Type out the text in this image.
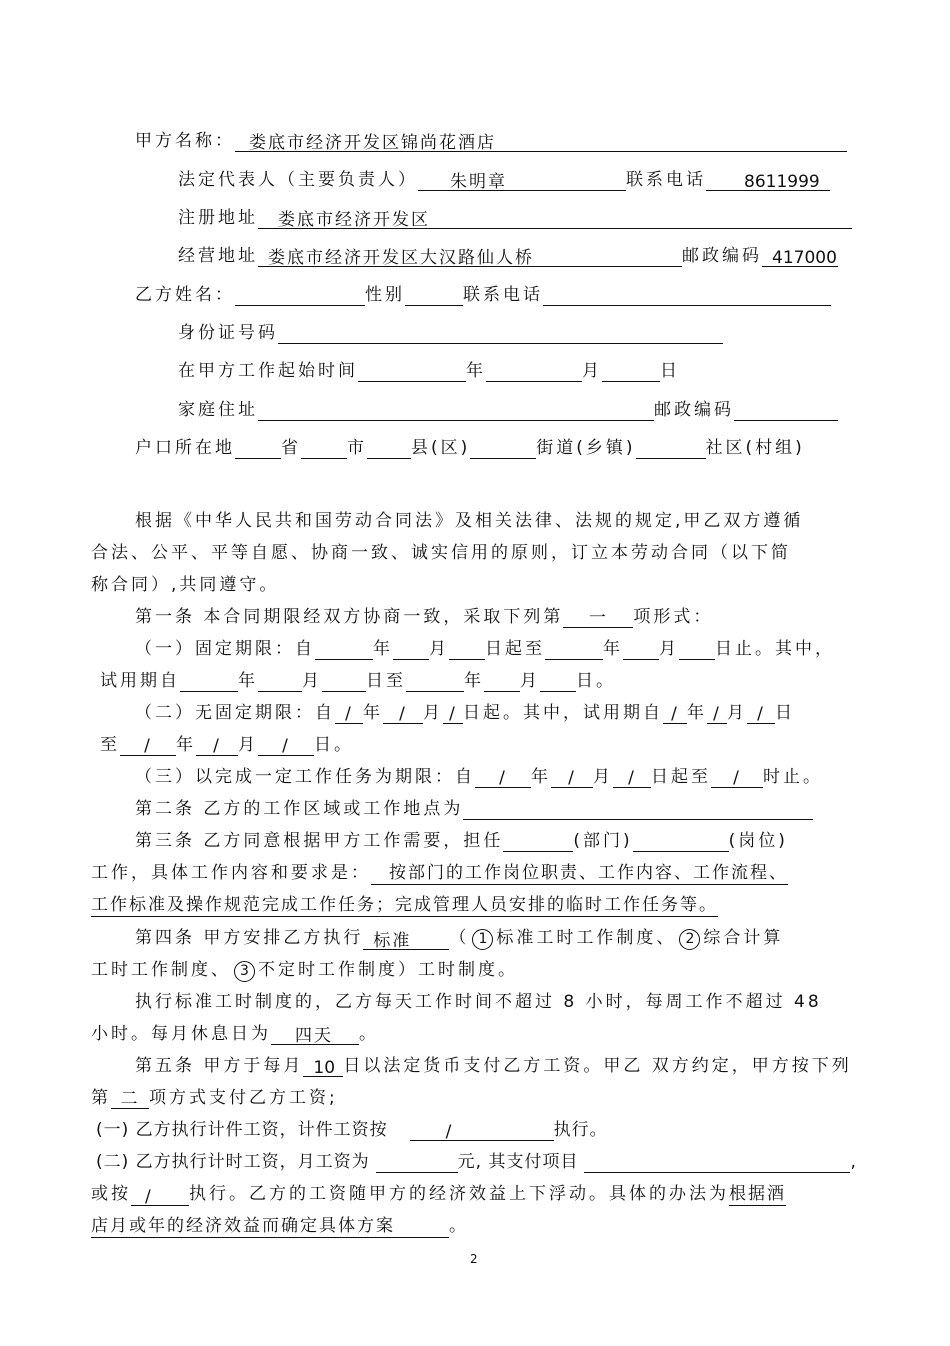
甲方名称： 娄底市经济开发区锦尚花酒店
法定代表人（主要负责人） 朱明章	联系电话 8611999
注册地址 娄底市经济开发区
经营地址 娄底市经济开发区大汉路仙人桥	邮政编码 417000
乙方姓名：	性别	联系电话
身份证号码
在甲方工作起始时间	年	月	日
家庭住址	邮政编码
户口所在地	省	市	县(区)	街道(乡镇)	社区(村组)
根据《中华人民共和国劳动合同法》及相关法律、法规的规定,甲乙双方遵循
合法、公平、平等自愿、协商一致、诚实信用的原则，订立本劳动合同（以下简
称合同）,共同遵守。
第一条 本合同期限经双方协商一致，采取下列第 一 项形式：
（一）固定期限：自	年 月 日起至	年 月 日止。其中，
试用期自	年	月	日至	年 月 日。
（二）无固定期限：自 / 年 / 月 / 日起。其中，试用期自 / 年 / 月 / 日
至 / 年 / 月 / 日。
（三）以完成一定工作任务为期限：自 / 年 / 月 / 日起至 / 时止。
第二条 乙方的工作区域或工作地点为
第三条 乙方同意根据甲方工作需要，担任	(部门)	(岗位)
工作，具体工作内容和要求是： 按部门的工作岗位职责、工作内容、工作流程、
工作标准及操作规范完成工作任务；完成管理人员安排的临时工作任务等。
第四条 甲方安排乙方执行 标准 （ 1 标准工时工作制度、 2 综合计算
工时工作制度、 3 不定时工作制度）工时制度。
执行标准工时制度的，乙方每天工作时间不超过 8 小时，每周工作不超过 48
小时。每月休息日为 四天 。
第五条 甲方于每月 10 日以法定货币支付乙方工资。甲乙 双方约定，甲方按下列
第 二 项方式支付乙方工资;
(一) 乙方执行计件工资，计件工资按	/	执行。
(二) 乙方执行计时工资，月工资为	元, 其支付项目	,
或按 / 执行。乙方的工资随甲方的经济效益上下浮动。具体的办法为根据酒
店月或年的经济效益而确定具体方案	。
2
